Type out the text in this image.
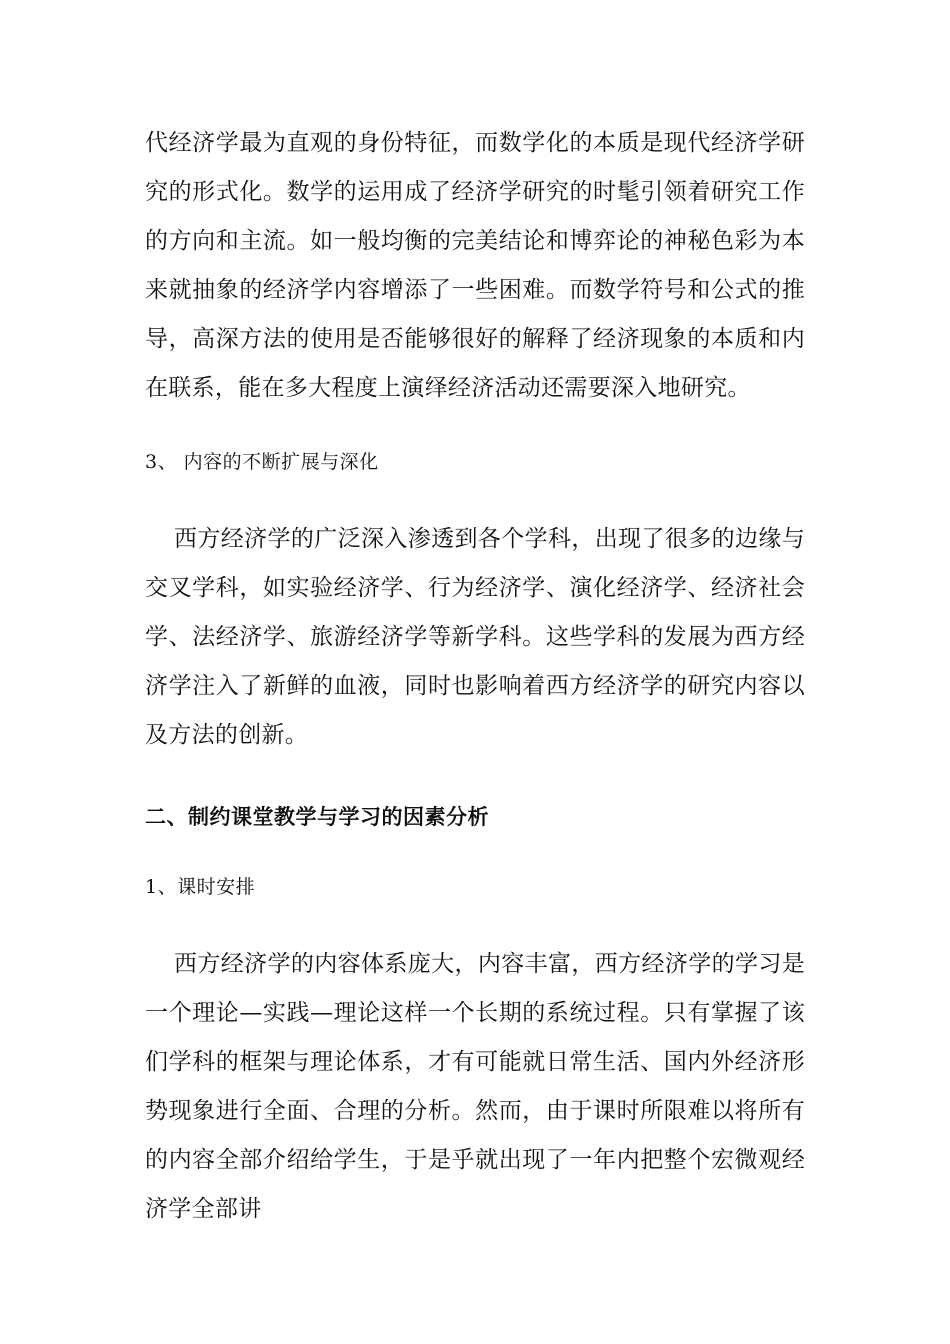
代经济学最为直观的身份特征，而数学化的本质是现代经济学研究的形式化。数学的运用成了经济学研究的时髦引领着研究工作的方向和主流。如一般均衡的完美结论和博弈论的神秘色彩为本来就抽象的经济学内容增添了一些困难。而数学符号和公式的推导，高深方法的使用是否能够很好的解释了经济现象的本质和内在联系，能在多大程度上演绎经济活动还需要深入地研究。

3、 内容的不断扩展与深化

西方经济学的广泛深入渗透到各个学科，出现了很多的边缘与交叉学科，如实验经济学、行为经济学、演化经济学、经济社会学、法经济学、旅游经济学等新学科。这些学科的发展为西方经济学注入了新鲜的血液，同时也影响着西方经济学的研究内容以及方法的创新。

二、制约课堂教学与学习的因素分析

1、课时安排

西方经济学的内容体系庞大，内容丰富，西方经济学的学习是一个理论—实践—理论这样一个长期的系统过程。只有掌握了该们学科的框架与理论体系，才有可能就日常生活、国内外经济形势现象进行全面、合理的分析。然而，由于课时所限难以将所有的内容全部介绍给学生，于是乎就出现了一年内把整个宏微观经济学全部讲
